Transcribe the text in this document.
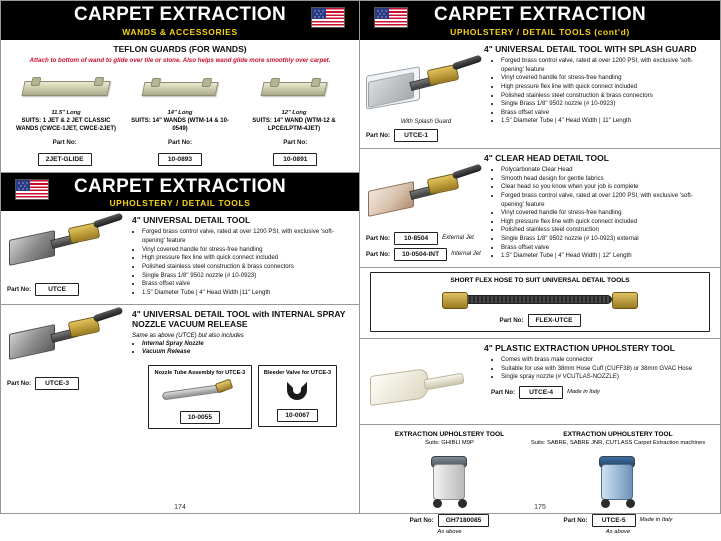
CARPET EXTRACTION
WANDS & ACCESSORIES
TEFLON GUARDS (FOR WANDS)
Attach to bottom of wand to glide over tile or stone. Also helps wand glide more smoothly over carpet.
11.5" Long
SUITS: 1 JET & 2 JET CLASSIC WANDS (CWCE-1JET, CWCE-2JET)
14" Long
SUITS: 14" WANDS (WTM-14 & 10-0549)
12" Long
SUITS: 14" WAND (WTM-12 & LPCE/LPTM-4JET)
Part No:
2JET-GLIDE
Part No:
10-0893
Part No:
10-0891
CARPET EXTRACTION
UPHOLSTERY / DETAIL TOOLS
Part No:	UTCE
4" UNIVERSAL DETAIL TOOL
• Forged brass control valve, rated at over 1200 PSI, with exclusive 'soft-opening' feature
• Vinyl covered handle for stress-free handling
• High pressure flex line with quick connect included
• Polished stainless steel construction & brass connectors
• Single Brass 1/8" 9502 nozzle (# 10-0923)
• Brass offset valve
• 1.5" Diameter Tube | 4" Head Width |11" Length
Part No:	UTCE-3
4" UNIVERSAL DETAIL TOOL with INTERNAL SPRAY NOZZLE VACUUM RELEASE
Same as above (UTCE) but also includes
• Internal Spray Nozzle
• Vacuum Release
Nozzle Tube Assembly for UTCE-3
10-0055
Bleeder Valve for UTCE-3
10-0067
174
CARPET EXTRACTION
UPHOLSTERY / DETAIL TOOLS (cont'd)
4" UNIVERSAL DETAIL TOOL WITH SPLASH GUARD
With Splash Guard
Part No:	UTCE-1
• Forged brass control valve, rated at over 1200 PSI, with exclusive 'soft-opening' feature
• Vinyl covered handle for stress-free handling
• High pressure flex line with quick connect included
• Polished stainless steel construction & brass connectors
• Single Brass 1/8" 9502 nozzle (# 10-0923)
• Brass offset valve
• 1.5" Diameter Tube | 4" Head Width | 11" Length
4" CLEAR HEAD DETAIL TOOL
Part No:	10-8504	External Jet
Part No:	10-0504-INT	Internal Jet
• Polycarbonate Clear Head
• Smooth head design for gentle fabrics
• Clear head so you know when your job is complete
• Forged brass control valve, rated at over 1200 PSI, with exclusive 'soft-opening' feature
• Vinyl covered handle for stress-free handling
• High pressure flex line with quick connect included
• Polished stainless steel construction
• Single Brass 1/8" 9502 nozzle (# 10-0923) external
• Brass offset valve
• 1.5" Diameter Tube | 4" Head Width | 12" Length
SHORT FLEX HOSE TO SUIT UNIVERSAL DETAIL TOOLS
Part No:	FLEX-UTCE
4" PLASTIC EXTRACTION UPHOLSTERY TOOL
• Comes with brass male connector
• Suitable for use with 38mm Hose Cuff (CUFF38) or 38mm GVAC Hose
• Single spray nozzle (# VCUTLAS-NOZZLE)
Part No:	UTCE-4	Made in Italy
EXTRACTION UPHOLSTERY TOOL
Suits: GHIBLI M9P
Part No:	GH7180085
As above
EXTRACTION UPHOLSTERY TOOL
Suits: SABRE, SABRE JNR, CUTLASS Carpet Extraction machines
Part No:	UTCE-5	Made in Italy
As above
175
